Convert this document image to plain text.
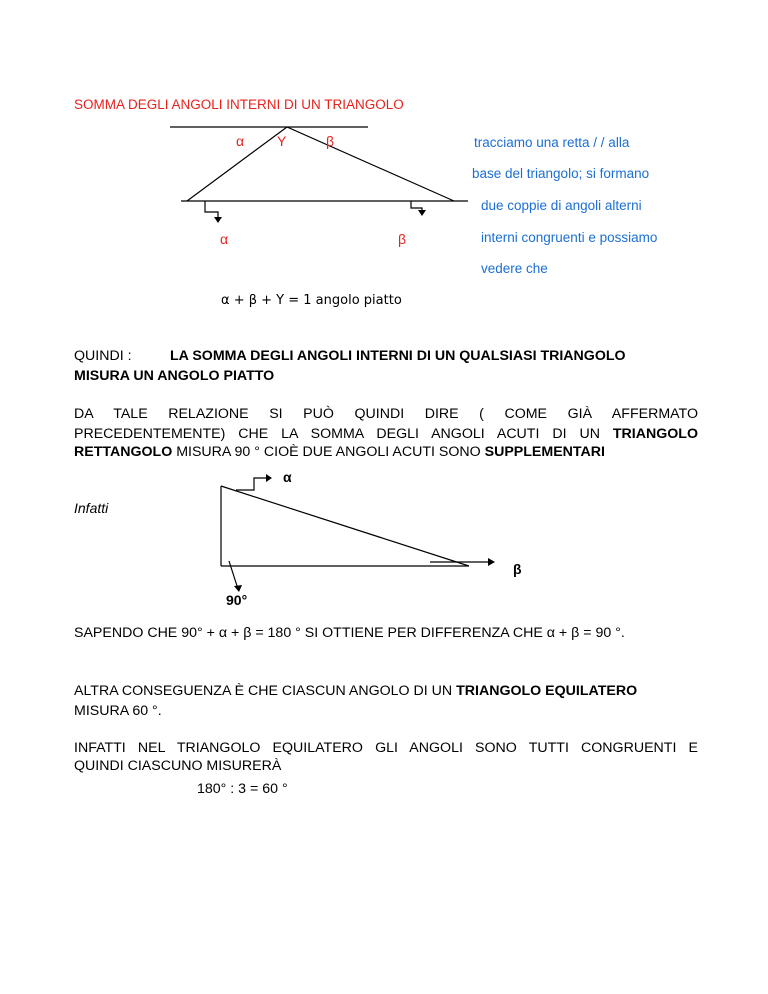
SOMMA DEGLI ANGOLI INTERNI DI UN TRIANGOLO
α Y	β
α	β
tracciamo una retta / / alla
base del triangolo; si formano
due coppie di angoli alterni
interni congruenti e possiamo
vedere che
α + β + Y = 1 angolo piatto
QUINDI :	LA SOMMA DEGLI ANGOLI INTERNI DI UN QUALSIASI TRIANGOLO
MISURA UN ANGOLO PIATTO
DA TALE RELAZIONE SI PUÒ QUINDI DIRE ( COME GIÀ AFFERMATO
PRECEDENTEMENTE) CHE LA SOMMA DEGLI ANGOLI ACUTI DI UN TRIANGOLO
RETTANGOLO MISURA 90 ° CIOÈ DUE ANGOLI ACUTI SONO SUPPLEMENTARI
Infatti
α
β
90°
SAPENDO CHE 90° + α + β = 180 ° SI OTTIENE PER DIFFERENZA CHE α + β = 90 °.
ALTRA CONSEGUENZA È CHE CIASCUN ANGOLO DI UN TRIANGOLO EQUILATERO
MISURA 60 °.
INFATTI NEL TRIANGOLO EQUILATERO GLI ANGOLI SONO TUTTI CONGRUENTI E
QUINDI CIASCUNO MISURERÀ
180° : 3 = 60 °
